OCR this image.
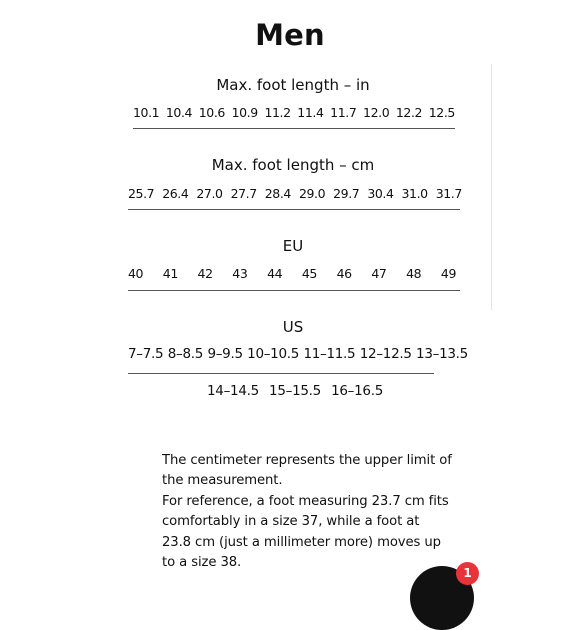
Men
Max. foot length – in
10.1 10.4 10.6 10.9 11.2 11.4 11.7 12.0 12.2 12.5
Max. foot length – cm
25.7 26.4 27.0 27.7 28.4 29.0 29.7 30.4 31.0 31.7
EU
40 41 42 43 44 45 46 47 48 49
US
7–7.5 8–8.5 9–9.5 10–10.5 11–11.5 12–12.5 13–13.5
14–14.5 15–15.5 16–16.5

The centimeter represents the upper limit of the measurement.

For reference, a foot measuring 23.7 cm fits comfortably in a size 37, while a foot at 23.8 cm (just a millimeter more) moves up to a size 38.

1
